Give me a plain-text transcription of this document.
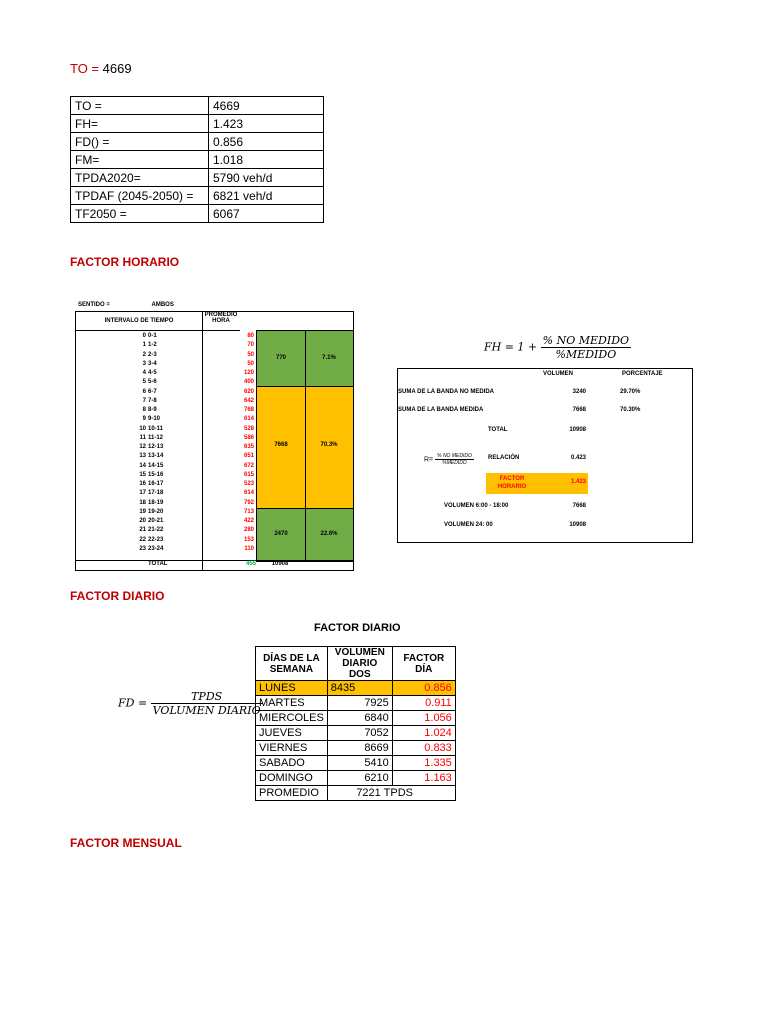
TO = 4669
TO =	4669
FH=	1.423
FD() =	0.856
FM=	1.018
TPDA2020=	5790 veh/d
TPDAF (2045-2050) =	6821 veh/d
TF2050 =	6067
FACTOR HORARIO
SENTIDO =	AMBOS
INTERVALO DE TIEMPO
PROMEDIO HORA
0 0-1	80
1 1-2	70
2 2-3	50
3 3-4	50
4 4-5	120
5 5-6	400
6 6-7	620
7 7-8	642
8 8-9	768
9 9-10	614
10 10-11	528
11 11-12	586
12 12-13	635
13 13-14	651
14 14-15	672
15 15-16	615
16 16-17	523
17 17-18	614
18 18-19	792
19 19-20	713
20 20-21	422
21 21-22	280
22 22-23	153
23 23-24	110
770	7.1%
7668	70.3%
2470	22.6%
TOTAL	455	10908
FH = $1 + \frac{\text{\% NO MEDIDO}}{\text{\%MEDIDO}}$
VOLUMEN	PORCENTAJE
SUMA DE LA BANDA NO MEDIDA	3240	29.70%
SUMA DE LA BANDA MEDIDA	7668	70.30%
TOTAL	10908
$R= \frac{\text{\% NO MEDIDO}}{\text{\%MEDIDO}}$ RELACIÓN	0.423
FACTOR HORARIO
1.423
VOLUMEN 6:00 - 18:00	7668
VOLUMEN 24: 00	10908
FACTOR DIARIO
FD = $\frac{\text{TPDS}}{\text{VOLUMEN DIARIO}}$
FACTOR DIARIO
DÍAS DE LA SEMANA	VOLUMEN DIARIO DOS	FACTOR DÍA
LUNES	8435	0.856
MARTES	7925	0.911
MIERCOLES	6840	1.056
JUEVES	7052	1.024
VIERNES	8669	0.833
SABADO	5410	1.335
DOMINGO	6210	1.163
PROMEDIO	7221 TPDS	
FACTOR MENSUAL
